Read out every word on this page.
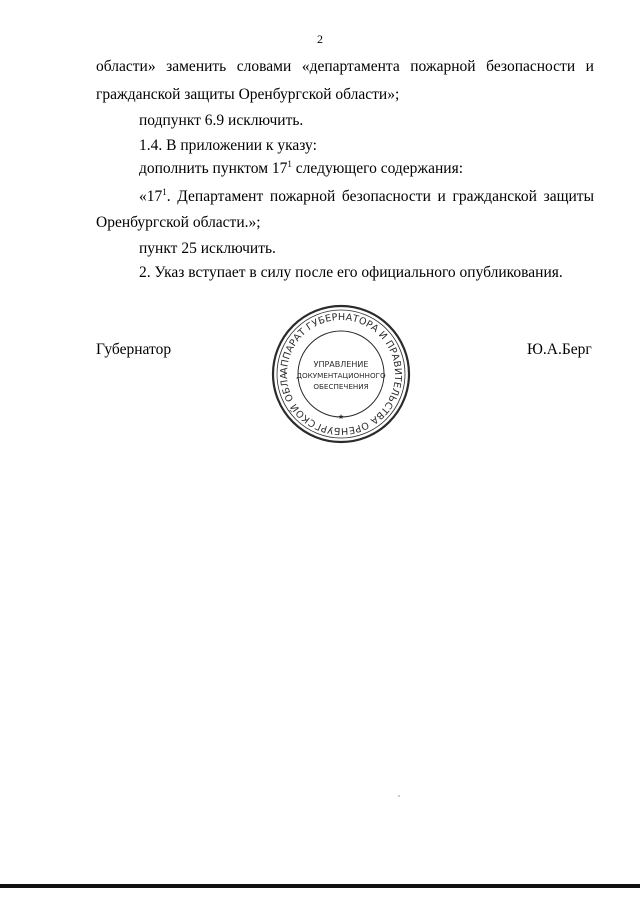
2
области» заменить словами «департамента пожарной безопасности и
гражданской защиты Оренбургской области»;
подпункт 6.9 исключить.
1.4. В приложении к указу:
дополнить пунктом $17^1$ следующего содержания:
«$17^1$. Департамент пожарной безопасности и гражданской защиты
Оренбургской области.»;
пункт 25 исключить.
2. Указ вступает в силу после его официального опубликования.
Губернатор	Ю.А.Берг
АППАРАТ ГУБЕРНАТОРА И ПРАВИТЕЛЬСТВА ОРЕНБУРГСКОЙ ОБЛА
УПРАВЛЕНИЕ
ДОКУМЕНТАЦИОННОГО
ОБЕСПЕЧЕНИЯ
★
